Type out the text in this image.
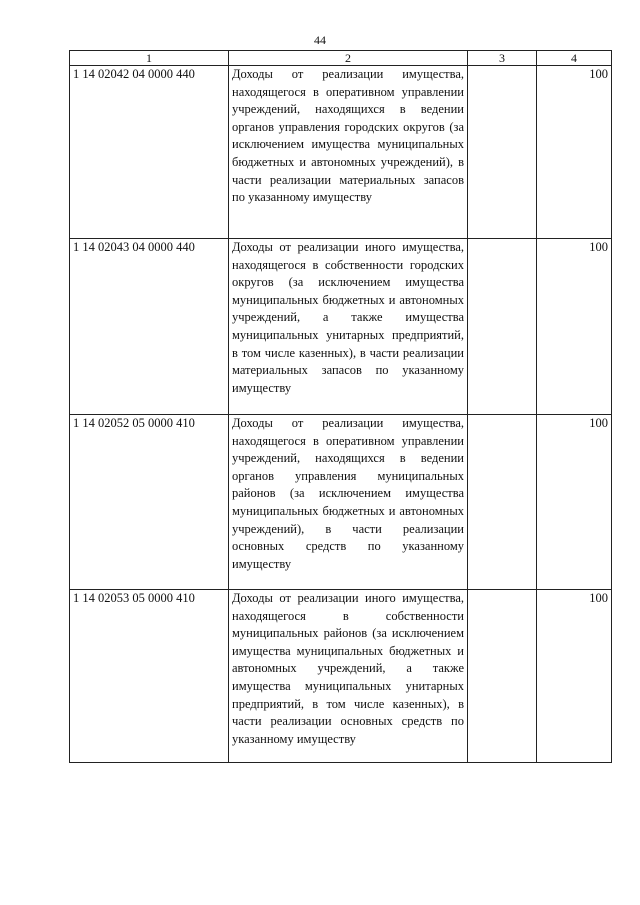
44
1	2	3	4
1 14 02042 04 0000 440	Доходы от реализации имущества, находящегося в оперативном управлении учреждений, находящихся в ведении органов управления городских округов (за исключением имущества муниципальных бюджетных и автономных учреждений), в части реализации материальных запасов по указанному имуществу		100
1 14 02043 04 0000 440	Доходы от реализации иного имущества, находящегося в собственности городских округов (за исключением имущества муниципальных бюджетных и автономных учреждений, а также имущества муниципальных унитарных предприятий, в том числе казенных), в части реализации материальных запасов по указанному имуществу		100
1 14 02052 05 0000 410	Доходы от реализации имущества, находящегося в оперативном управлении учреждений, находящихся в ведении органов управления муниципальных районов (за исключением имущества муниципальных бюджетных и автономных учреждений), в части реализации основных средств по указанному имуществу		100
1 14 02053 05 0000 410	Доходы от реализации иного имущества, находящегося в собственности муниципальных районов (за исключением имущества муниципальных бюджетных и автономных учреждений, а также имущества муниципальных унитарных предприятий, в том числе казенных), в части реализации основных средств по указанному имуществу		100
